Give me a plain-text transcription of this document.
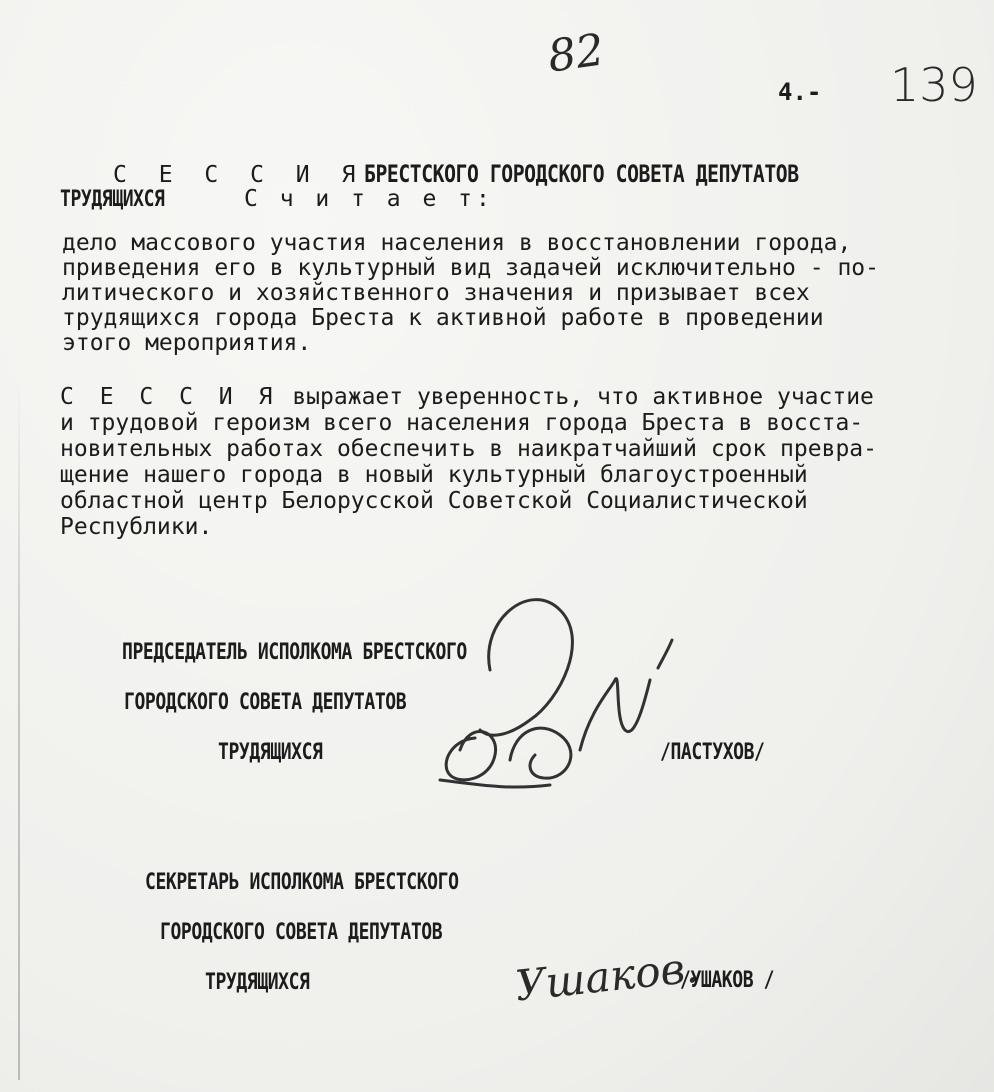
82
4.- 139
С Е С С И ЯБРЕСТСКОГО ГОРОДСКОГО СОВЕТА ДЕПУТАТОВ
ТРУДЯЩИХСЯ	С ч и т а е т:
дело массового участия населения в восстановлении города,
приведения его в культурный вид задачей исключительно - по-
литического и хозяйственного значения и призывает всех
трудящихся города Бреста к активной работе в проведении
этого мероприятия.
С Е С С И Я выражает уверенность, что активное участие
и трудовой героизм всего населения города Бреста в восста-
новительных работах обеспечить в наикратчайший срок превра-
щение нашего города в новый культурный благоустроенный
областной центр Белорусской Советской Социалистической
Республики.
ПРЕДСЕДАТЕЛЬ ИСПОЛКОМА БРЕСТСКОГО
ГОРОДСКОГО СОВЕТА ДЕПУТАТОВ
ТРУДЯЩИХСЯ	/ПАСТУХОВ/
СЕКРЕТАРЬ ИСПОЛКОМА БРЕСТСКОГО
ГОРОДСКОГО СОВЕТА ДЕПУТАТОВ
ТРУДЯЩИХСЯ	Ушаков.
/УШАКОВ /
